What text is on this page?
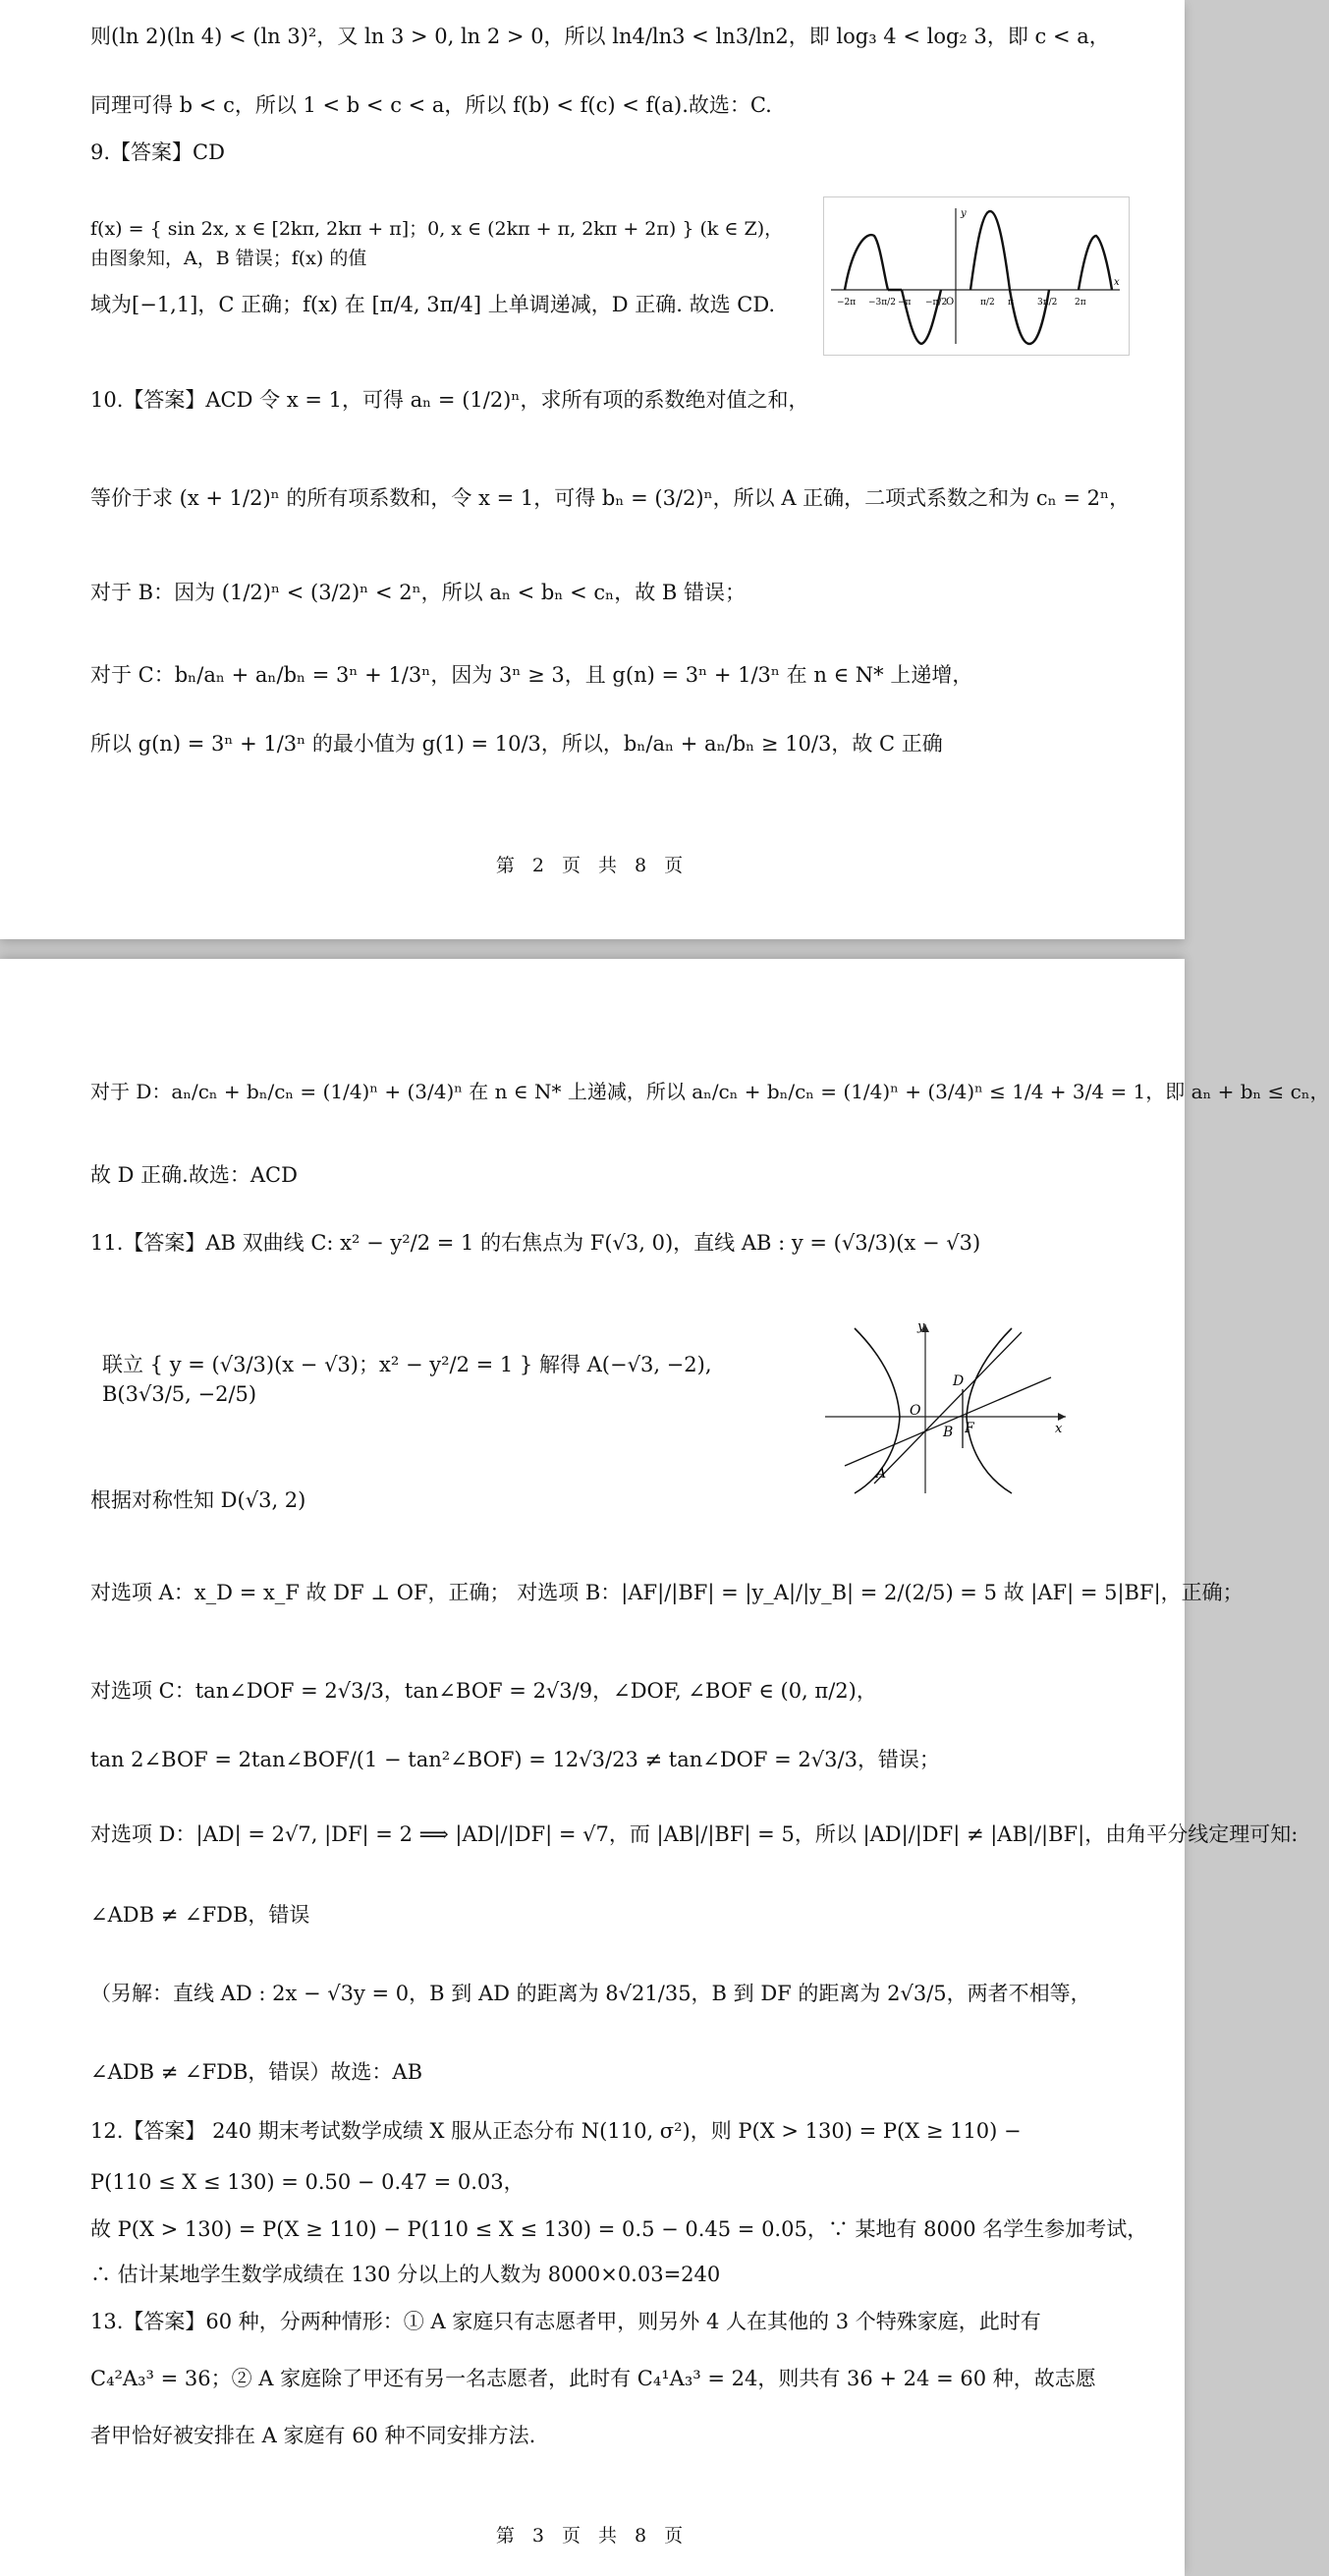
则(ln 2)(ln 4) < (ln 3)²，又 ln 3 > 0, ln 2 > 0，所以 ln4/ln3 < ln3/ln2，即 log₃ 4 < log₂ 3，即 c < a，
同理可得 b < c，所以 1 < b < c < a，所以 f(b) < f(c) < f(a).故选：C.
9.【答案】CD
f(x) = { sin 2x, x ∈ [2kπ, 2kπ + π]；0, x ∈ (2kπ + π, 2kπ + 2π) } (k ∈ Z)，由图象知，A，B 错误；f(x) 的值
域为[−1,1]，C 正确；f(x) 在 [π/4, 3π/4] 上单调递减，D 正确. 故选 CD.
10.【答案】ACD 令 x = 1，可得 aₙ = (1/2)ⁿ，求所有项的系数绝对值之和，
等价于求 (x + 1/2)ⁿ 的所有项系数和，令 x = 1，可得 bₙ = (3/2)ⁿ，所以 A 正确，二项式系数之和为 cₙ = 2ⁿ，
对于 B：因为 (1/2)ⁿ < (3/2)ⁿ < 2ⁿ，所以 aₙ < bₙ < cₙ，故 B 错误；
对于 C：bₙ/aₙ + aₙ/bₙ = 3ⁿ + 1/3ⁿ，因为 3ⁿ ≥ 3，且 g(n) = 3ⁿ + 1/3ⁿ 在 n ∈ N* 上递增，
所以 g(n) = 3ⁿ + 1/3ⁿ 的最小值为 g(1) = 10/3，所以，bₙ/aₙ + aₙ/bₙ ≥ 10/3，故 C 正确
−2π −3π/2 −π −π/2
O	π/2 π	3π/2 2π
x
y
第 2 页 共 8 页
对于 D：aₙ/cₙ + bₙ/cₙ = (1/4)ⁿ + (3/4)ⁿ 在 n ∈ N* 上递减，所以 aₙ/cₙ + bₙ/cₙ = (1/4)ⁿ + (3/4)ⁿ ≤ 1/4 + 3/4 = 1，即 aₙ + bₙ ≤ cₙ，
故 D 正确.故选：ACD
11.【答案】AB 双曲线 C: x² − y²/2 = 1 的右焦点为 F(√3, 0)，直线 AB : y = (√3/3)(x − √3)
联立 { y = (√3/3)(x − √3)；x² − y²/2 = 1 } 解得 A(−√3, −2), B(3√3/5, −2/5)
根据对称性知 D(√3, 2)
对选项 A：x_D = x_F 故 DF ⊥ OF，正确； 对选项 B：|AF|/|BF| = |y_A|/|y_B| = 2/(2/5) = 5 故 |AF| = 5|BF|，正确；
对选项 C：tan∠DOF = 2√3/3，tan∠BOF = 2√3/9，∠DOF, ∠BOF ∈ (0, π/2)，
tan 2∠BOF = 2tan∠BOF/(1 − tan²∠BOF) = 12√3/23 ≠ tan∠DOF = 2√3/3，错误；
对选项 D：|AD| = 2√7, |DF| = 2 ⟹ |AD|/|DF| = √7，而 |AB|/|BF| = 5，所以 |AD|/|DF| ≠ |AB|/|BF|，由角平分线定理可知:
∠ADB ≠ ∠FDB，错误
（另解：直线 AD : 2x − √3y = 0，B 到 AD 的距离为 8√21/35，B 到 DF 的距离为 2√3/5，两者不相等，
∠ADB ≠ ∠FDB，错误）故选：AB
12.【答案】 240 期末考试数学成绩 X 服从正态分布 N(110, σ²)，则 P(X > 130) = P(X ≥ 110) −
P(110 ≤ X ≤ 130) = 0.50 − 0.47 = 0.03，
故 P(X > 130) = P(X ≥ 110) − P(110 ≤ X ≤ 130) = 0.5 − 0.45 = 0.05，∵ 某地有 8000 名学生参加考试，
∴ 估计某地学生数学成绩在 130 分以上的人数为 8000×0.03=240
13.【答案】60 种，分两种情形：① A 家庭只有志愿者甲，则另外 4 人在其他的 3 个特殊家庭，此时有
C₄²A₃³ = 36；② A 家庭除了甲还有另一名志愿者，此时有 C₄¹A₃³ = 24，则共有 36 + 24 = 60 种，故志愿
者甲恰好被安排在 A 家庭有 60 种不同安排方法.
y
x
O
D
B F
A
第 3 页 共 8 页
